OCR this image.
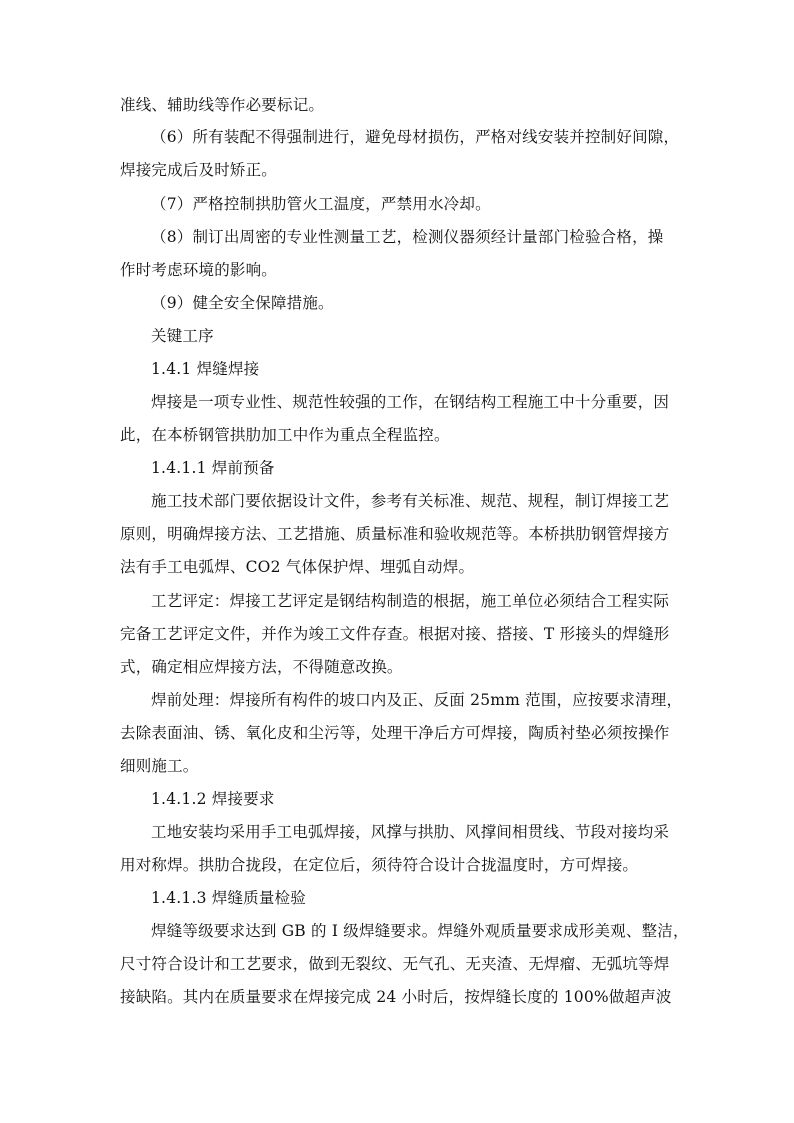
准线、辅助线等作必要标记。
（6）所有装配不得强制进行，避免母材损伤，严格对线安装并控制好间隙，
焊接完成后及时矫正。
（7）严格控制拱肋管火工温度，严禁用水冷却。
（8）制订出周密的专业性测量工艺，检测仪器须经计量部门检验合格，操
作时考虑环境的影响。
（9）健全安全保障措施。
关键工序
1.4.1 焊缝焊接
焊接是一项专业性、规范性较强的工作，在钢结构工程施工中十分重要，因
此，在本桥钢管拱肋加工中作为重点全程监控。
1.4.1.1 焊前预备
施工技术部门要依据设计文件，参考有关标准、规范、规程，制订焊接工艺
原则，明确焊接方法、工艺措施、质量标准和验收规范等。本桥拱肋钢管焊接方
法有手工电弧焊、CO2 气体保护焊、埋弧自动焊。
工艺评定：焊接工艺评定是钢结构制造的根据，施工单位必须结合工程实际
完备工艺评定文件，并作为竣工文件存查。根据对接、搭接、T 形接头的焊缝形
式，确定相应焊接方法，不得随意改换。
焊前处理：焊接所有构件的坡口内及正、反面 25mm 范围，应按要求清理，
去除表面油、锈、氧化皮和尘污等，处理干净后方可焊接，陶质衬垫必须按操作
细则施工。
1.4.1.2 焊接要求
工地安装均采用手工电弧焊接，风撑与拱肋、风撑间相贯线、节段对接均采
用对称焊。拱肋合拢段，在定位后，须待符合设计合拢温度时，方可焊接。
1.4.1.3 焊缝质量检验
焊缝等级要求达到 GB 的 I 级焊缝要求。焊缝外观质量要求成形美观、整洁，
尺寸符合设计和工艺要求，做到无裂纹、无气孔、无夹渣、无焊瘤、无弧坑等焊
接缺陷。其内在质量要求在焊接完成 24 小时后，按焊缝长度的 100%做超声波
